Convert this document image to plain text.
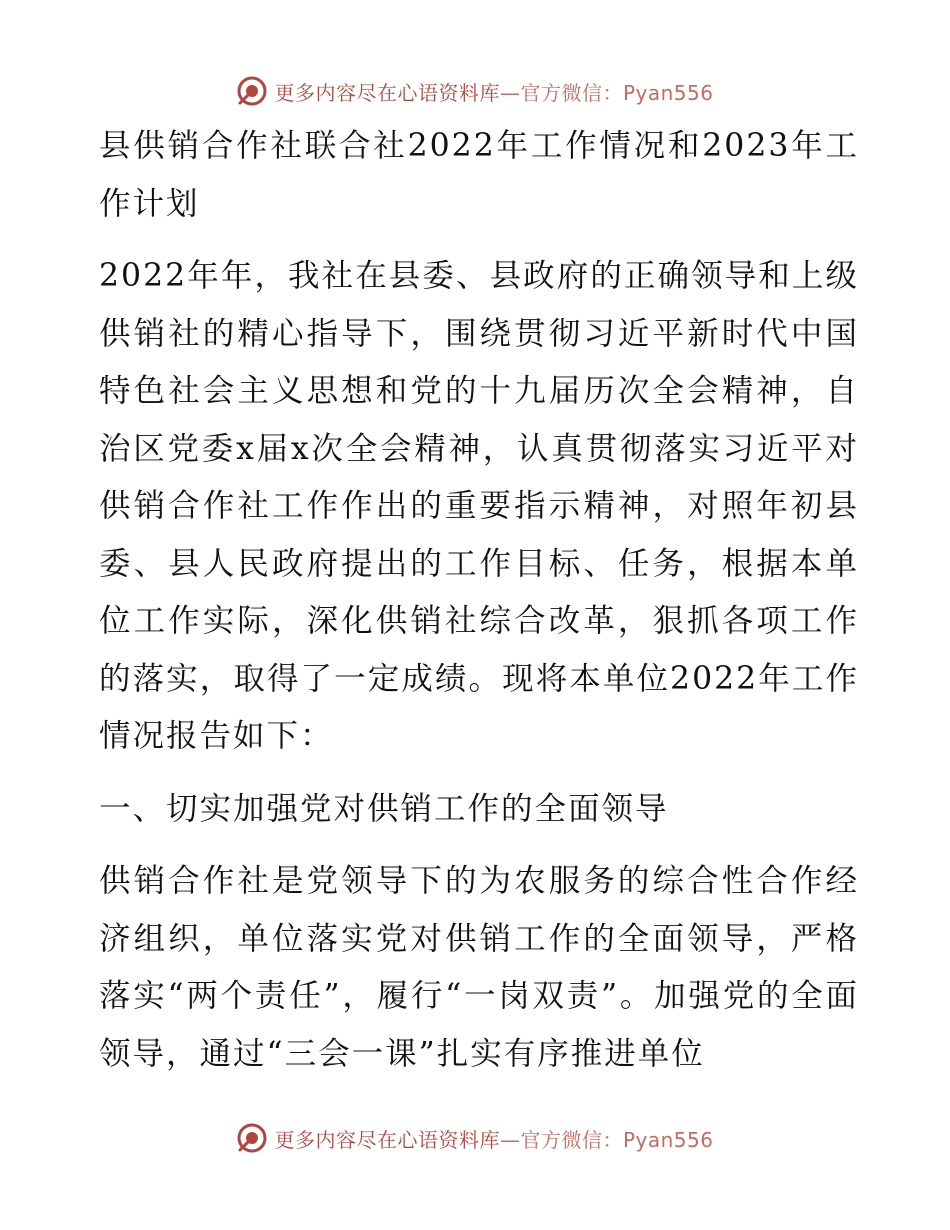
更多内容尽在心语资料库—官方微信：Pyan556

县供销合作社联合社2022年工作情况和2023年工作计划

2022年年，我社在县委、县政府的正确领导和上级供销社的精心指导下，围绕贯彻习近平新时代中国特色社会主义思想和党的十九届历次全会精神，自治区党委x届x次全会精神，认真贯彻落实习近平对供销合作社工作作出的重要指示精神，对照年初县委、县人民政府提出的工作目标、任务，根据本单位工作实际，深化供销社综合改革，狠抓各项工作的落实，取得了一定成绩。现将本单位2022年工作情况报告如下：

一、切实加强党对供销工作的全面领导

供销合作社是党领导下的为农服务的综合性合作经济组织，单位落实党对供销工作的全面领导，严格落实“两个责任”，履行“一岗双责”。加强党的全面领导，通过“三会一课”扎实有序推进单位

更多内容尽在心语资料库—官方微信：Pyan556
